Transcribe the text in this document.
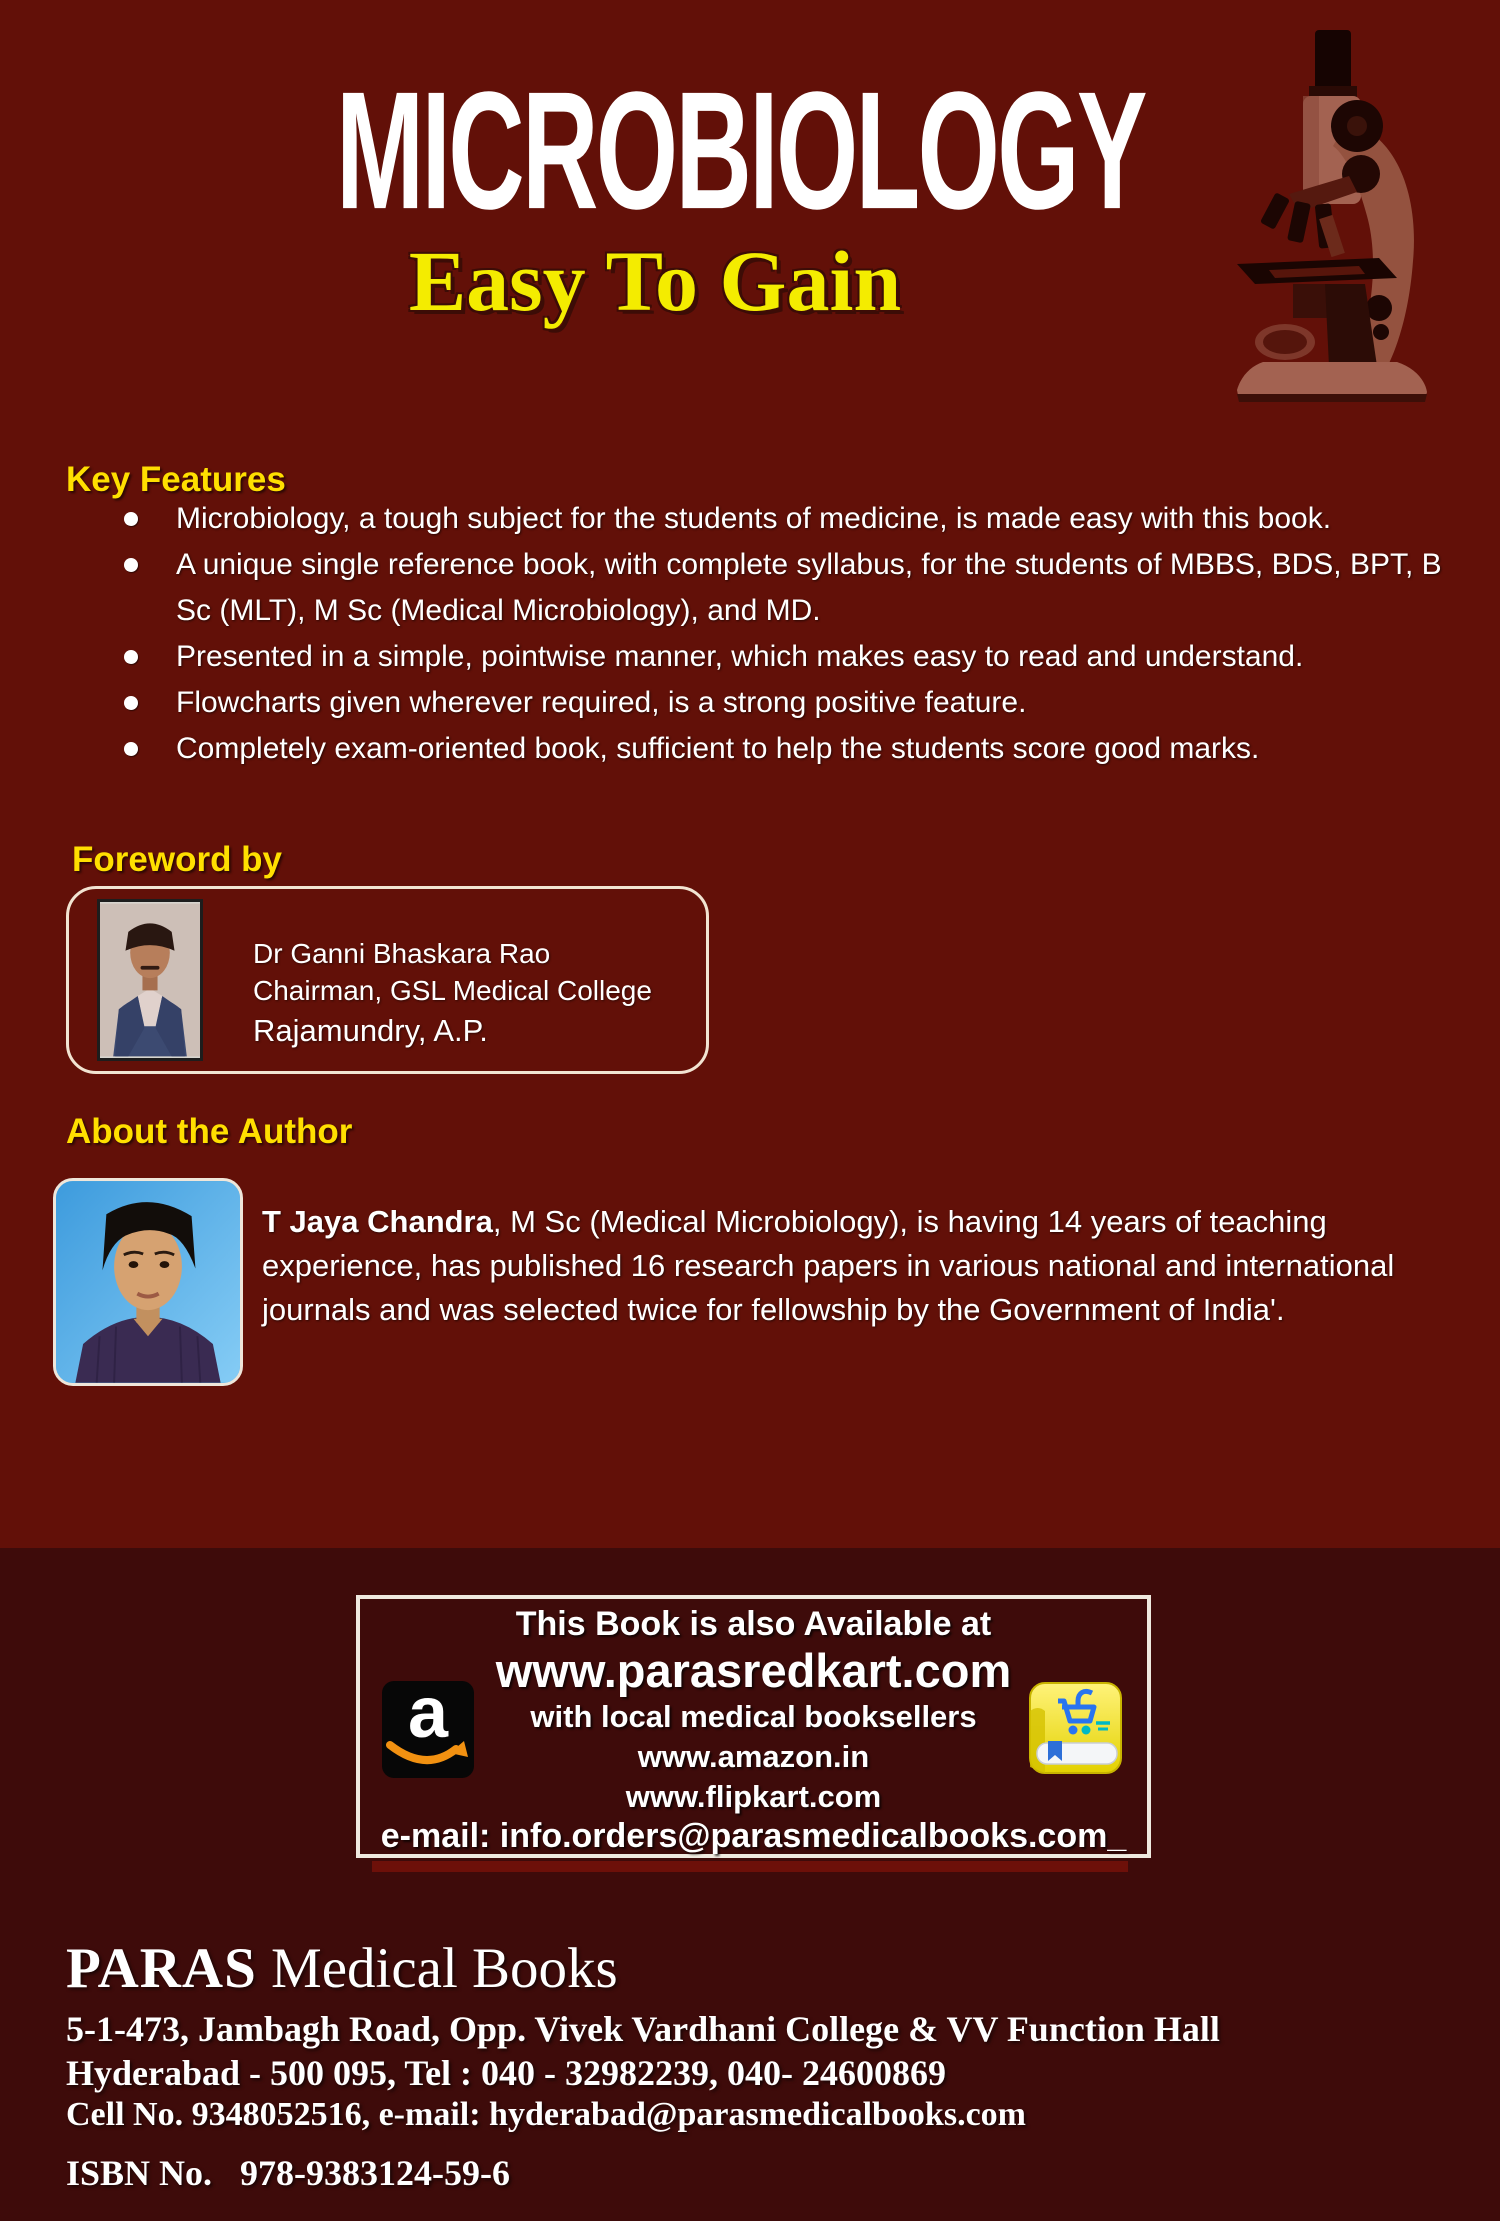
MICROBIOLOGY
Easy To Gain
Key Features
Microbiology, a tough subject for the students of medicine, is made easy with this book.
A unique single reference book, with complete syllabus, for the students of MBBS, BDS, BPT, B Sc (MLT), M Sc (Medical Microbiology), and MD.
Presented in a simple, pointwise manner, which makes easy to read and understand.
Flowcharts given wherever required, is a strong positive feature.
Completely exam-oriented book, sufficient to help the students score good marks.
Foreword by
Dr Ganni Bhaskara Rao
Chairman, GSL Medical College
Rajamundry, A.P.
About the Author
T Jaya Chandra, M Sc (Medical Microbiology), is having 14 years of teaching experience, has published 16 research papers in various national and international journals and was selected twice for fellowship by the Government of India'.
This Book is also Available at
www.parasredkart.com
with local medical booksellers
www.amazon.in
www.flipkart.com
e-mail: info.orders@parasmedicalbooks.com_
a
PARAS Medical Books
5-1-473, Jambagh Road, Opp. Vivek Vardhani College & VV Function Hall
Hyderabad - 500 095, Tel : 040 - 32982239, 040- 24600869
Cell No. 9348052516, e-mail: hyderabad@parasmedicalbooks.com
ISBN No. 978-9383124-59-6
